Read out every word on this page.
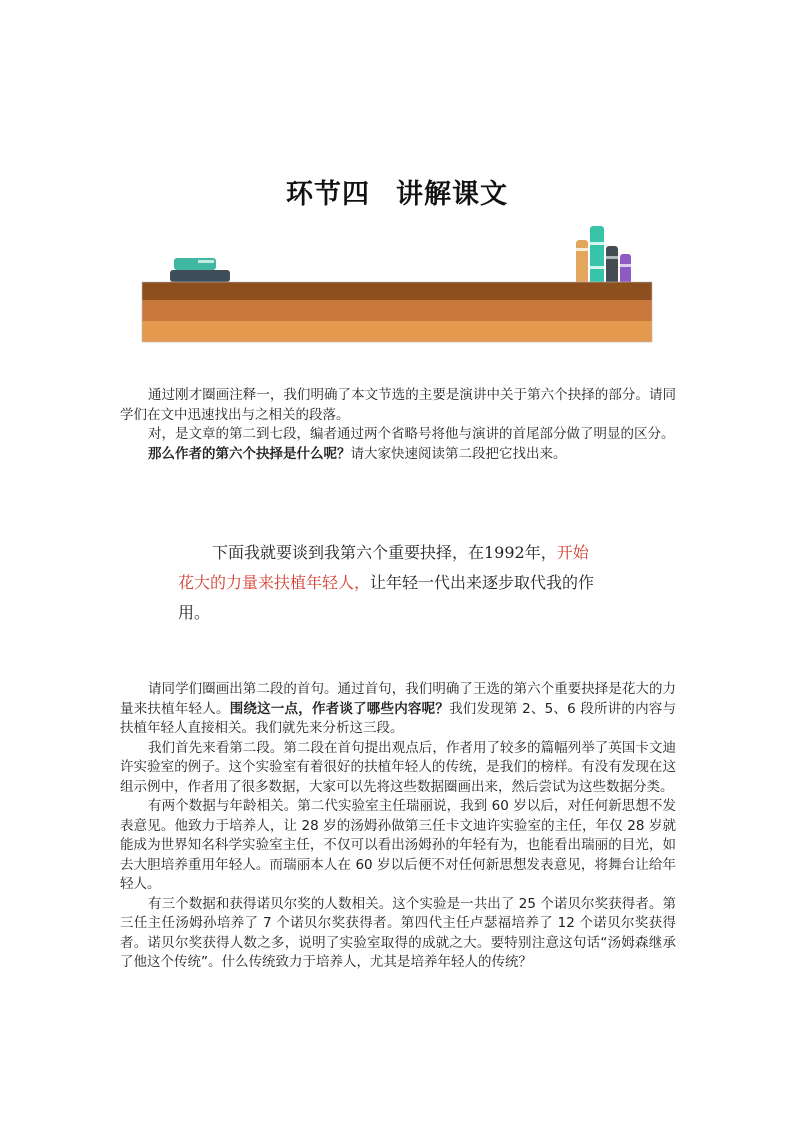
环节四 讲解课文

通过刚才圈画注释一，我们明确了本文节选的主要是演讲中关于第六个抉择的部分。请同学们在文中迅速找出与之相关的段落。

对，是文章的第二到七段，编者通过两个省略号将他与演讲的首尾部分做了明显的区分。

那么作者的第六个抉择是什么呢？请大家快速阅读第二段把它找出来。

下面我就要谈到我第六个重要抉择，在1992年，开始花大的力量来扶植年轻人，让年轻一代出来逐步取代我的作用。

请同学们圈画出第二段的首句。通过首句，我们明确了王选的第六个重要抉择是花大的力量来扶植年轻人。围绕这一点，作者谈了哪些内容呢？我们发现第 2、5、6 段所讲的内容与扶植年轻人直接相关。我们就先来分析这三段。

我们首先来看第二段。第二段在首句提出观点后，作者用了较多的篇幅列举了英国卡文迪许实验室的例子。这个实验室有着很好的扶植年轻人的传统，是我们的榜样。有没有发现在这组示例中，作者用了很多数据，大家可以先将这些数据圈画出来，然后尝试为这些数据分类。

有两个数据与年龄相关。第二代实验室主任瑞丽说，我到 60 岁以后，对任何新思想不发表意见。他致力于培养人，让 28 岁的汤姆孙做第三任卡文迪许实验室的主任，年仅 28 岁就能成为世界知名科学实验室主任，不仅可以看出汤姆孙的年轻有为，也能看出瑞丽的目光，如去大胆培养重用年轻人。而瑞丽本人在 60 岁以后便不对任何新思想发表意见，将舞台让给年轻人。

有三个数据和获得诺贝尔奖的人数相关。这个实验是一共出了 25 个诺贝尔奖获得者。第三任主任汤姆孙培养了 7 个诺贝尔奖获得者。第四代主任卢瑟福培养了 12 个诺贝尔奖获得者。诺贝尔奖获得人数之多，说明了实验室取得的成就之大。要特别注意这句话“汤姆森继承了他这个传统”。什么传统致力于培养人，尤其是培养年轻人的传统？
